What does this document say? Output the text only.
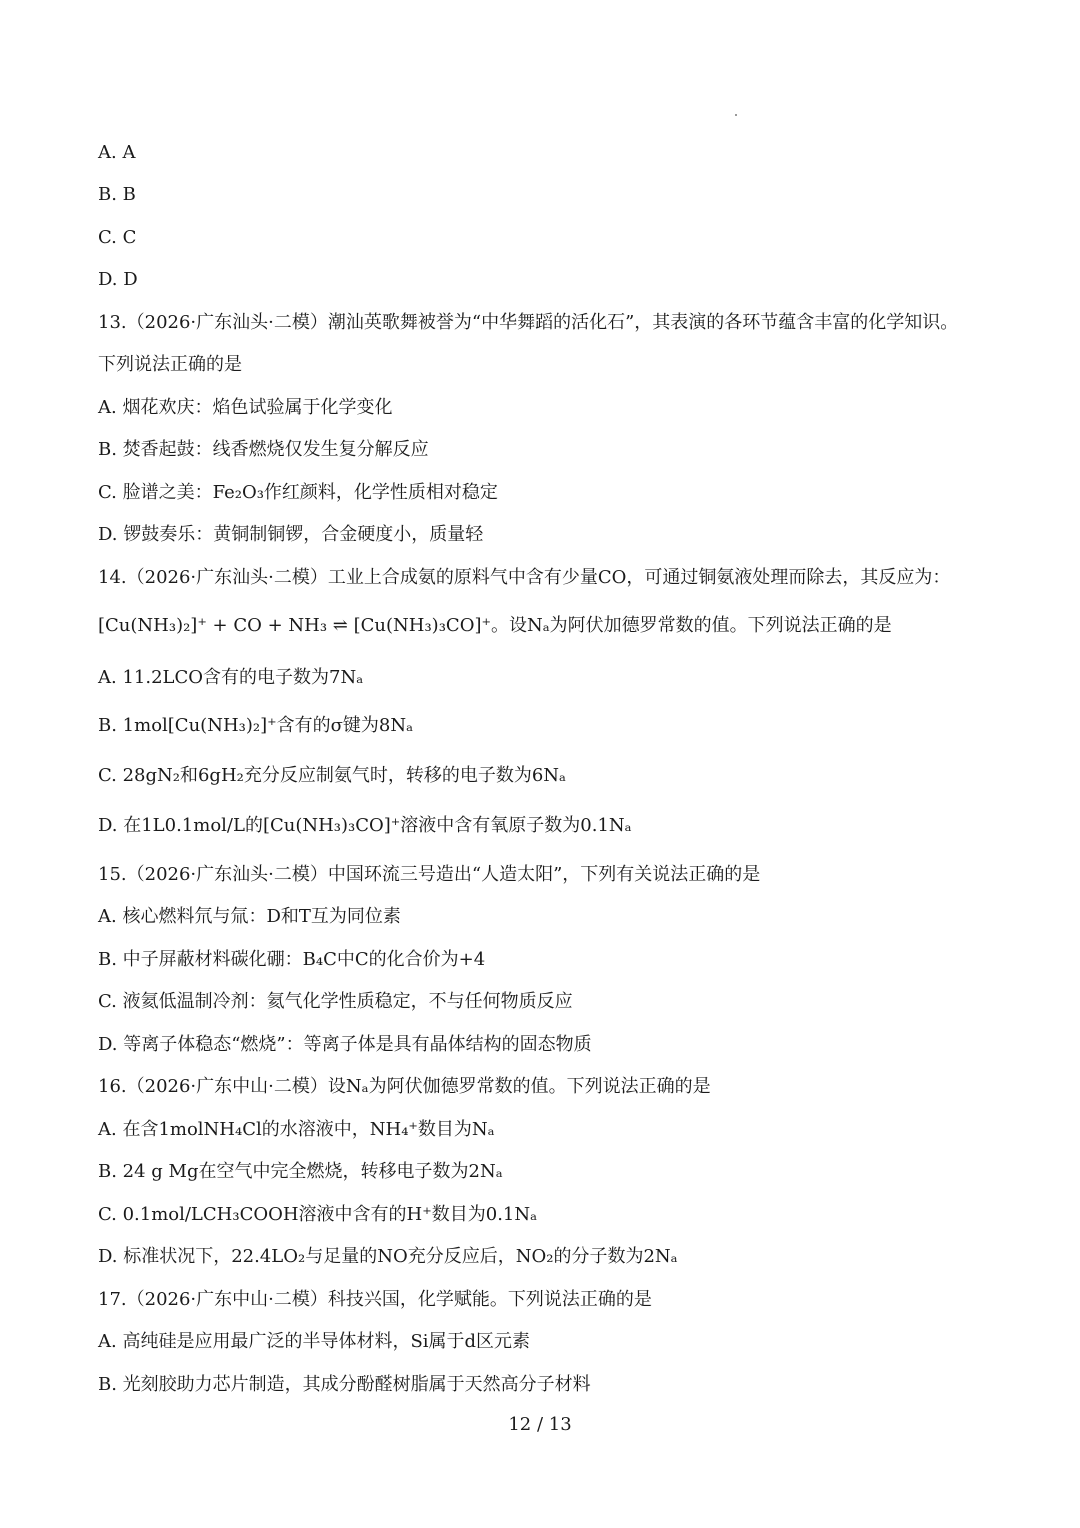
A. A
B. B
C. C
D. D
13.（2026·广东汕头·二模）潮汕英歌舞被誉为“中华舞蹈的活化石”，其表演的各环节蕴含丰富的化学知识。
下列说法正确的是
A. 烟花欢庆：焰色试验属于化学变化
B. 焚香起鼓：线香燃烧仅发生复分解反应
C. 脸谱之美：Fe₂O₃作红颜料，化学性质相对稳定
D. 锣鼓奏乐：黄铜制铜锣，合金硬度小，质量轻
14.（2026·广东汕头·二模）工业上合成氨的原料气中含有少量CO，可通过铜氨液处理而除去，其反应为：
[Cu(NH₃)₂]⁺ + CO + NH₃ ⇌ [Cu(NH₃)₃CO]⁺。设Nₐ为阿伏加德罗常数的值。下列说法正确的是
A. 11.2LCO含有的电子数为7Nₐ
B. 1mol[Cu(NH₃)₂]⁺含有的σ键为8Nₐ
C. 28gN₂和6gH₂充分反应制氨气时，转移的电子数为6Nₐ
D. 在1L0.1mol/L的[Cu(NH₃)₃CO]⁺溶液中含有氧原子数为0.1Nₐ
15.（2026·广东汕头·二模）中国环流三号造出“人造太阳”，下列有关说法正确的是
A. 核心燃料氘与氚：D和T互为同位素
B. 中子屏蔽材料碳化硼：B₄C中C的化合价为+4
C. 液氦低温制冷剂：氦气化学性质稳定，不与任何物质反应
D. 等离子体稳态“燃烧”：等离子体是具有晶体结构的固态物质
16.（2026·广东中山·二模）设Nₐ为阿伏伽德罗常数的值。下列说法正确的是
A. 在含1molNH₄Cl的水溶液中，NH₄⁺数目为Nₐ
B. 24 g Mg在空气中完全燃烧，转移电子数为2Nₐ
C. 0.1mol/LCH₃COOH溶液中含有的H⁺数目为0.1Nₐ
D. 标准状况下，22.4LO₂与足量的NO充分反应后，NO₂的分子数为2Nₐ
17.（2026·广东中山·二模）科技兴国，化学赋能。下列说法正确的是
A. 高纯硅是应用最广泛的半导体材料，Si属于d区元素
B. 光刻胶助力芯片制造，其成分酚醛树脂属于天然高分子材料
12 / 13
